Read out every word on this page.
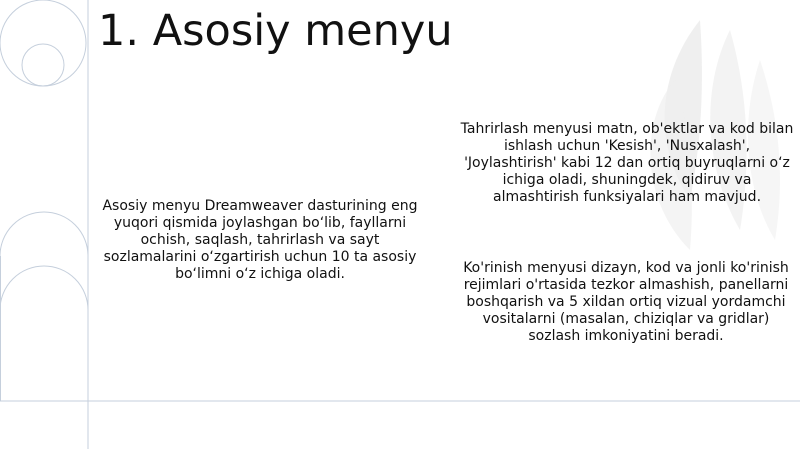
1. Asosiy menyu

Asosiy menyu Dreamweaver dasturining eng yuqori qismida joylashgan bo‘lib, fayllarni ochish, saqlash, tahrirlash va sayt sozlamalarini o‘zgartirish uchun 10 ta asosiy bo‘limni o‘z ichiga oladi.

Tahrirlash menyusi matn, ob'ektlar va kod bilan ishlash uchun 'Kesish', 'Nusxalash', 'Joylashtirish' kabi 12 dan ortiq buyruqlarni o‘z ichiga oladi, shuningdek, qidiruv va almashtirish funksiyalari ham mavjud.

Ko'rinish menyusi dizayn, kod va jonli ko'rinish rejimlari o'rtasida tezkor almashish, panellarni boshqarish va 5 xildan ortiq vizual yordamchi vositalarni (masalan, chiziqlar va gridlar) sozlash imkoniyatini beradi.
